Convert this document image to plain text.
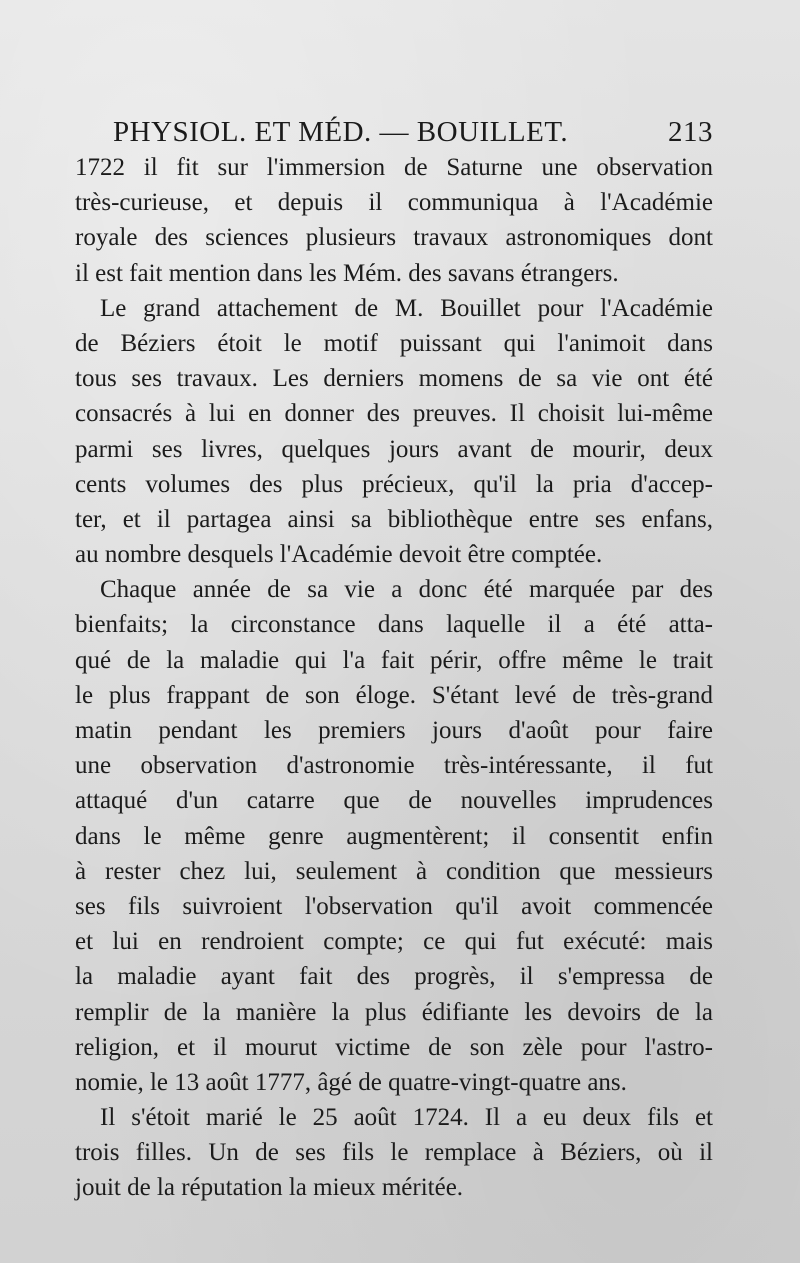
PHYSIOL. ET MÉD. — BOUILLET.	213
1722 il fit sur l'immersion de Saturne une observation
très-curieuse, et depuis il communiqua à l'Académie
royale des sciences plusieurs travaux astronomiques dont
il est fait mention dans les Mém. des savans étrangers.
Le grand attachement de M. Bouillet pour l'Académie
de Béziers étoit le motif puissant qui l'animoit dans
tous ses travaux. Les derniers momens de sa vie ont été
consacrés à lui en donner des preuves. Il choisit lui-même
parmi ses livres, quelques jours avant de mourir, deux
cents volumes des plus précieux, qu'il la pria d'accep-
ter, et il partagea ainsi sa bibliothèque entre ses enfans,
au nombre desquels l'Académie devoit être comptée.
Chaque année de sa vie a donc été marquée par des
bienfaits; la circonstance dans laquelle il a été atta-
qué de la maladie qui l'a fait périr, offre même le trait
le plus frappant de son éloge. S'étant levé de très-grand
matin pendant les premiers jours d'août pour faire
une observation d'astronomie très-intéressante, il fut
attaqué d'un catarre que de nouvelles imprudences
dans le même genre augmentèrent; il consentit enfin
à rester chez lui, seulement à condition que messieurs
ses fils suivroient l'observation qu'il avoit commencée
et lui en rendroient compte; ce qui fut exécuté: mais
la maladie ayant fait des progrès, il s'empressa de
remplir de la manière la plus édifiante les devoirs de la
religion, et il mourut victime de son zèle pour l'astro-
nomie, le 13 août 1777, âgé de quatre-vingt-quatre ans.
Il s'étoit marié le 25 août 1724. Il a eu deux fils et
trois filles. Un de ses fils le remplace à Béziers, où il
jouit de la réputation la mieux méritée.
